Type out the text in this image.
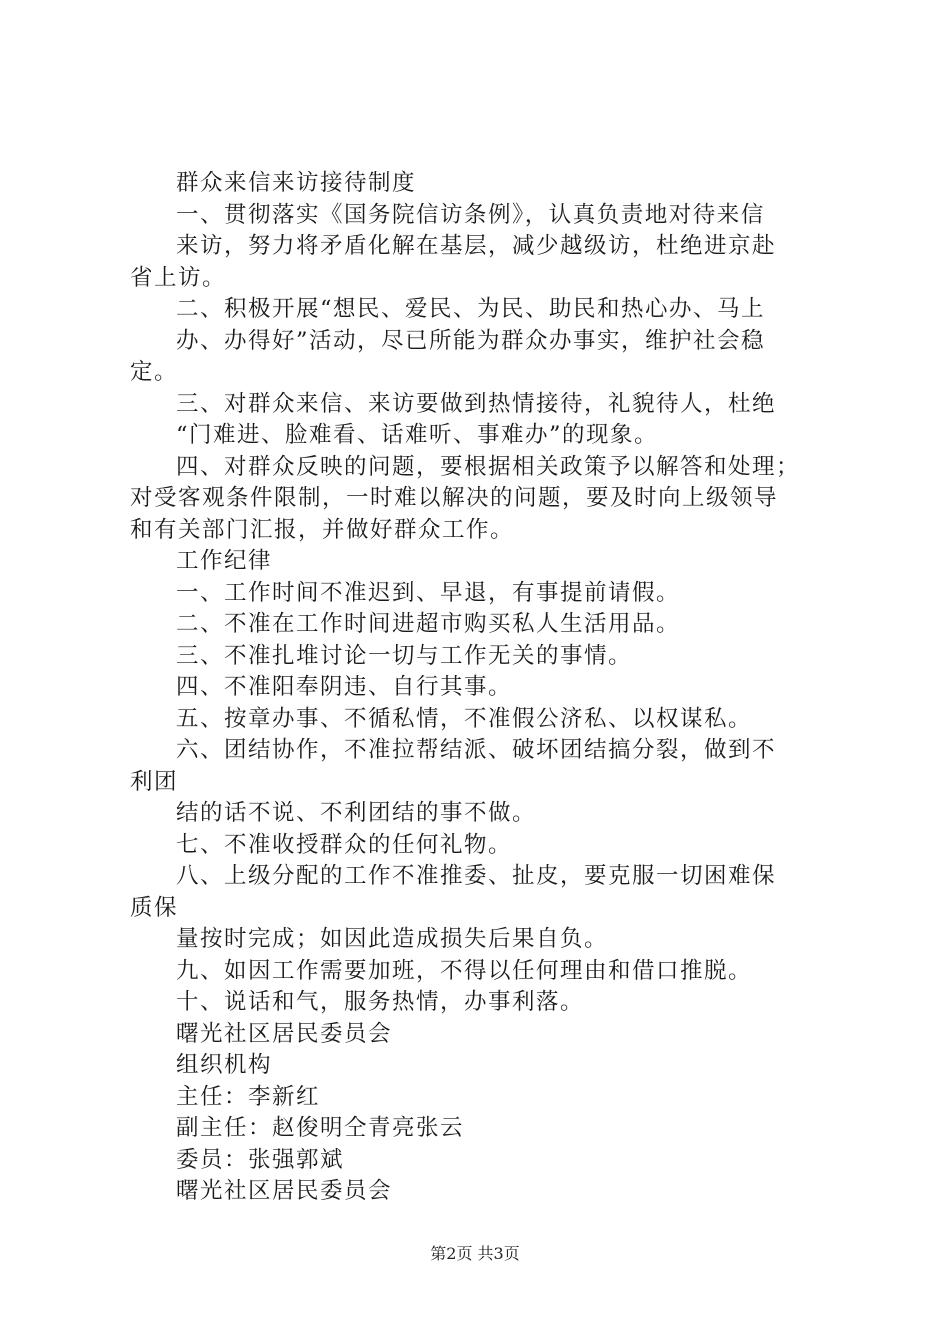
群众来信来访接待制度
一、贯彻落实《国务院信访条例》，认真负责地对待来信
来访，努力将矛盾化解在基层，减少越级访，杜绝进京赴
省上访。
二、积极开展“想民、爱民、为民、助民和热心办、马上
办、办得好”活动，尽已所能为群众办事实，维护社会稳
定。
三、对群众来信、来访要做到热情接待，礼貌待人，杜绝
“门难进、脸难看、话难听、事难办”的现象。
四、对群众反映的问题，要根据相关政策予以解答和处理；
对受客观条件限制，一时难以解决的问题，要及时向上级领导
和有关部门汇报，并做好群众工作。
工作纪律
一、工作时间不准迟到、早退，有事提前请假。
二、不准在工作时间进超市购买私人生活用品。
三、不准扎堆讨论一切与工作无关的事情。
四、不准阳奉阴违、自行其事。
五、按章办事、不循私情，不准假公济私、以权谋私。
六、团结协作，不准拉帮结派、破坏团结搞分裂，做到不
利团
结的话不说、不利团结的事不做。
七、不准收授群众的任何礼物。
八、上级分配的工作不准推委、扯皮，要克服一切困难保
质保
量按时完成；如因此造成损失后果自负。
九、如因工作需要加班，不得以任何理由和借口推脱。
十、说话和气，服务热情，办事利落。
曙光社区居民委员会
组织机构
主任：李新红
副主任：赵俊明仝青亮张云
委员：张强郭斌
曙光社区居民委员会
第2页 共3页
